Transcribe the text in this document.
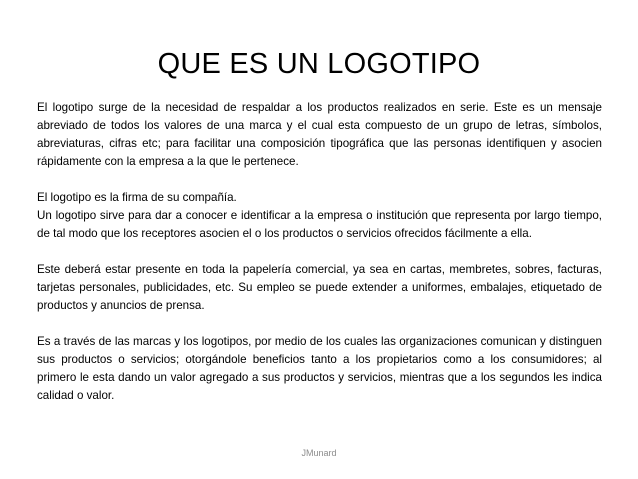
QUE ES UN LOGOTIPO

El logotipo surge de la necesidad de respaldar a los productos realizados en serie. Este es un mensaje abreviado de todos los valores de una marca y el cual esta compuesto de un grupo de letras, símbolos, abreviaturas, cifras etc; para facilitar una composición tipográfica que las personas identifiquen y asocien rápidamente con la empresa a la que le pertenece.

El logotipo es la firma de su compañía.

Un logotipo sirve para dar a conocer e identificar a la empresa o institución que representa por largo tiempo, de tal modo que los receptores asocien el o los productos o servicios ofrecidos fácilmente a ella.

Este deberá estar presente en toda la papelería comercial, ya sea en cartas, membretes, sobres, facturas, tarjetas personales, publicidades, etc. Su empleo se puede extender a uniformes, embalajes, etiquetado de productos y anuncios de prensa.

Es a través de las marcas y los logotipos, por medio de los cuales las organizaciones comunican y distinguen sus productos o servicios; otorgándole beneficios tanto a los propietarios como a los consumidores; al primero le esta dando un valor agregado a sus productos y servicios, mientras que a los segundos les indica calidad o valor.

JMunard
